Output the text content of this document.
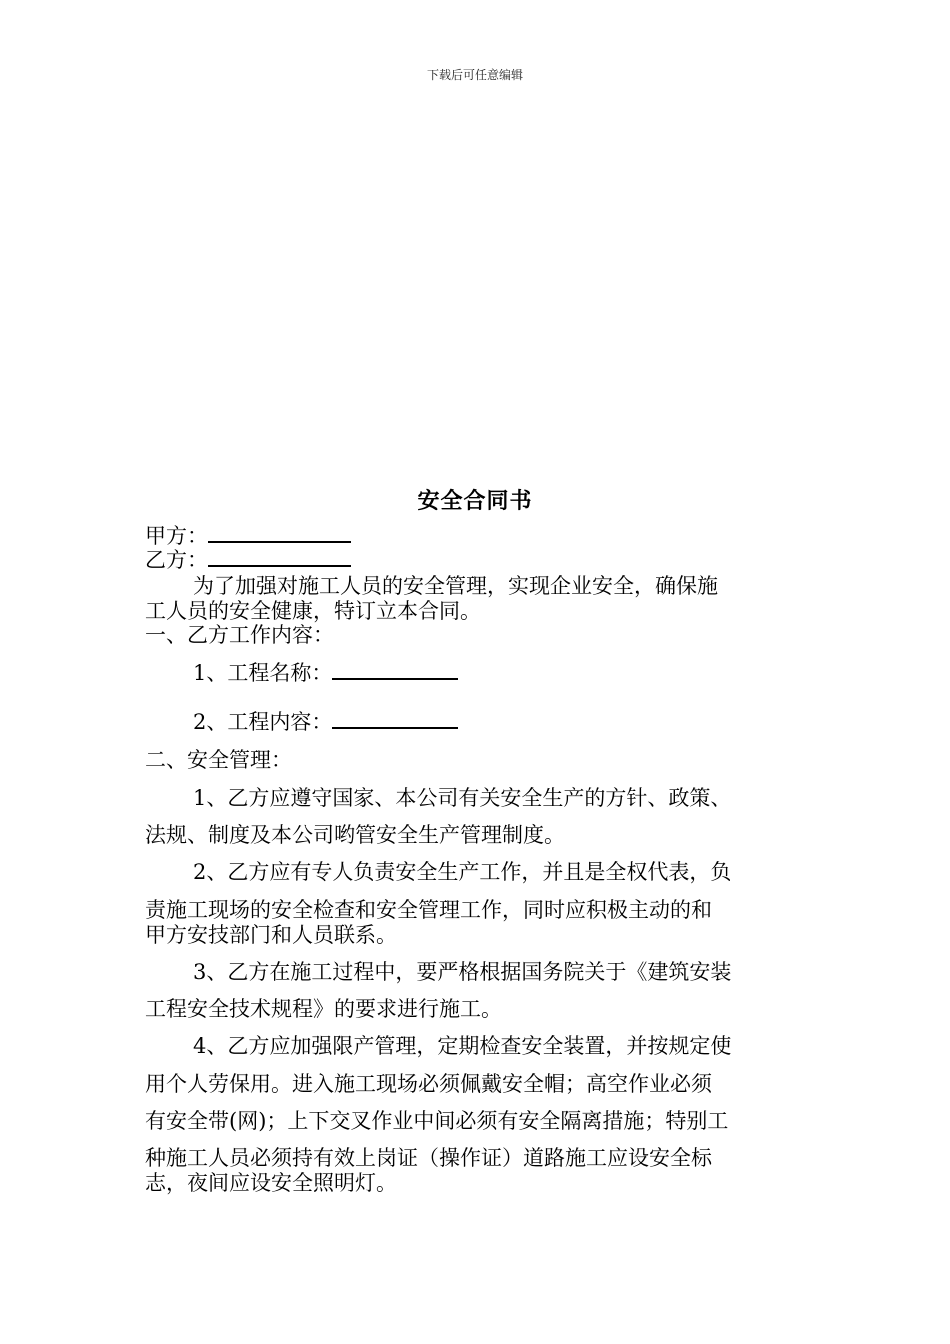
下载后可任意编辑
安全合同书
甲方：
乙方：
为了加强对施工人员的安全管理，实现企业安全，确保施
工人员的安全健康，特订立本合同。
一、乙方工作内容：
1、工程名称：
2、工程内容：
二、安全管理：
1、乙方应遵守国家、本公司有关安全生产的方针、政策、
法规、制度及本公司哟管安全生产管理制度。
2、乙方应有专人负责安全生产工作，并且是全权代表，负
责施工现场的安全检查和安全管理工作，同时应积极主动的和
甲方安技部门和人员联系。
3、乙方在施工过程中，要严格根据国务院关于《建筑安装
工程安全技术规程》的要求进行施工。
4、乙方应加强限产管理，定期检查安全装置，并按规定使
用个人劳保用。进入施工现场必须佩戴安全帽；高空作业必须
有安全带(网)；上下交叉作业中间必须有安全隔离措施；特别工
种施工人员必须持有效上岗证（操作证）道路施工应设安全标
志，夜间应设安全照明灯。
